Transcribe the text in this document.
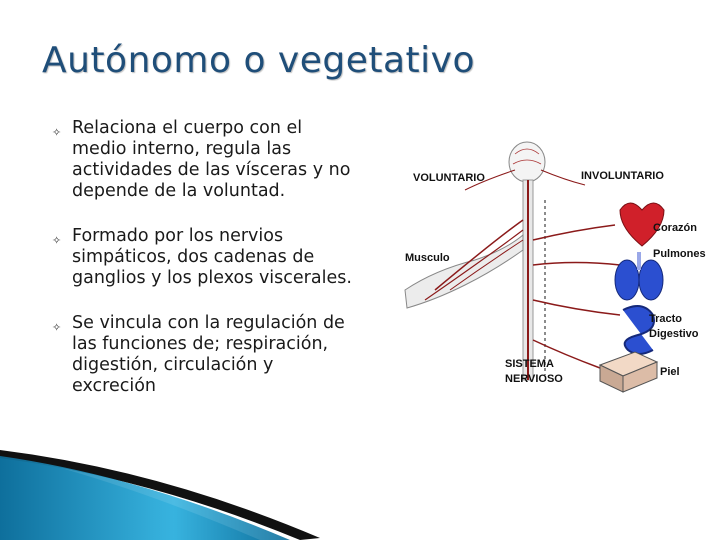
Autónomo o vegetativo
✧ Relaciona el cuerpo con el medio interno, regula las actividades de las vísceras y no depende de la voluntad.
✧ Formado por los nervios simpáticos, dos cadenas de ganglios y los plexos viscerales.
✧ Se vincula con la regulación de las funciones de; respiración, digestión, circulación y excreción
VOLUNTARIO	INVOLUNTARIO
Corazón
Pulmones
Musculo
Tracto
Digestivo
SISTEMA
NERVIOSO
Piel
